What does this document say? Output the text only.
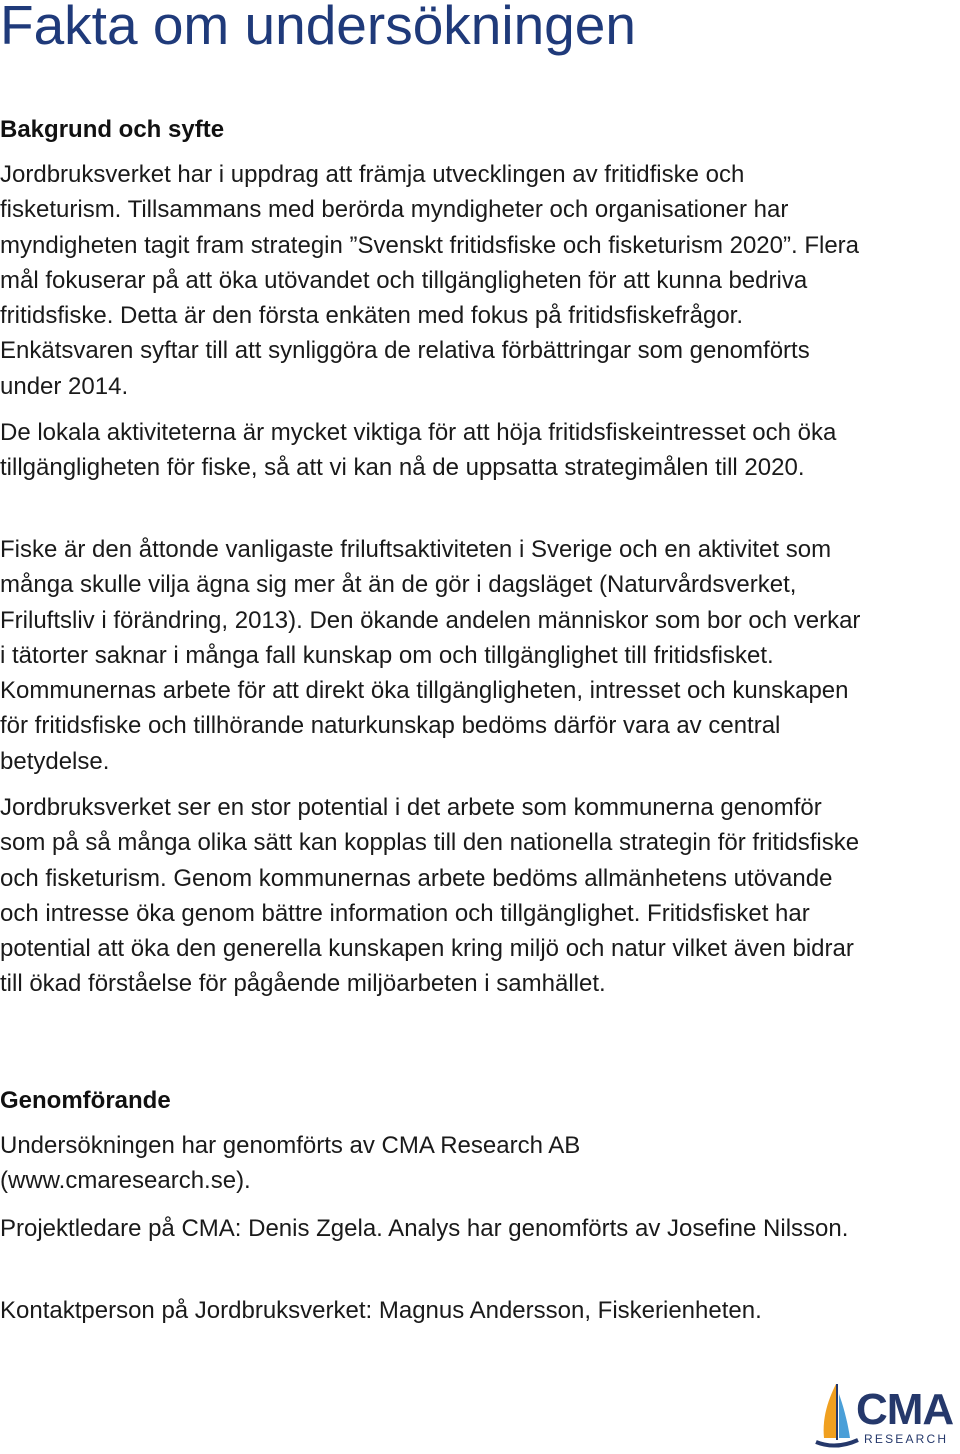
Fakta om undersökningen
Bakgrund och syfte

Jordbruksverket har i uppdrag att främja utvecklingen av fritidfiske och fisketurism. Tillsammans med berörda myndigheter och organisationer har myndigheten tagit fram strategin ”Svenskt fritidsfiske och fisketurism 2020”. Flera mål fokuserar på att öka utövandet och tillgängligheten för att kunna bedriva fritidsfiske. Detta är den första enkäten med fokus på fritidsfiskefrågor. Enkätsvaren syftar till att synliggöra de relativa förbättringar som genomförts under 2014.

De lokala aktiviteterna är mycket viktiga för att höja fritidsfiskeintresset och öka tillgängligheten för fiske, så att vi kan nå de uppsatta strategimålen till 2020.

Fiske är den åttonde vanligaste friluftsaktiviteten i Sverige och en aktivitet som många skulle vilja ägna sig mer åt än de gör i dagsläget (Naturvårdsverket, Friluftsliv i förändring, 2013). Den ökande andelen människor som bor och verkar i tätorter saknar i många fall kunskap om och tillgänglighet till fritidsfisket. Kommunernas arbete för att direkt öka tillgängligheten, intresset och kunskapen för fritidsfiske och tillhörande naturkunskap bedöms därför vara av central betydelse.

Jordbruksverket ser en stor potential i det arbete som kommunerna genomför som på så många olika sätt kan kopplas till den nationella strategin för fritidsfiske och fisketurism. Genom kommunernas arbete bedöms allmänhetens utövande och intresse öka genom bättre information och tillgänglighet. Fritidsfisket har potential att öka den generella kunskapen kring miljö och natur vilket även bidrar till ökad förståelse för pågående miljöarbeten i samhället.

Genomförande

Undersökningen har genomförts av CMA Research AB (www.cmaresearch.se).

Projektledare på CMA: Denis Zgela. Analys har genomförts av Josefine Nilsson.

Kontaktperson på Jordbruksverket: Magnus Andersson, Fiskerienheten.

CMA
RESEARCH
